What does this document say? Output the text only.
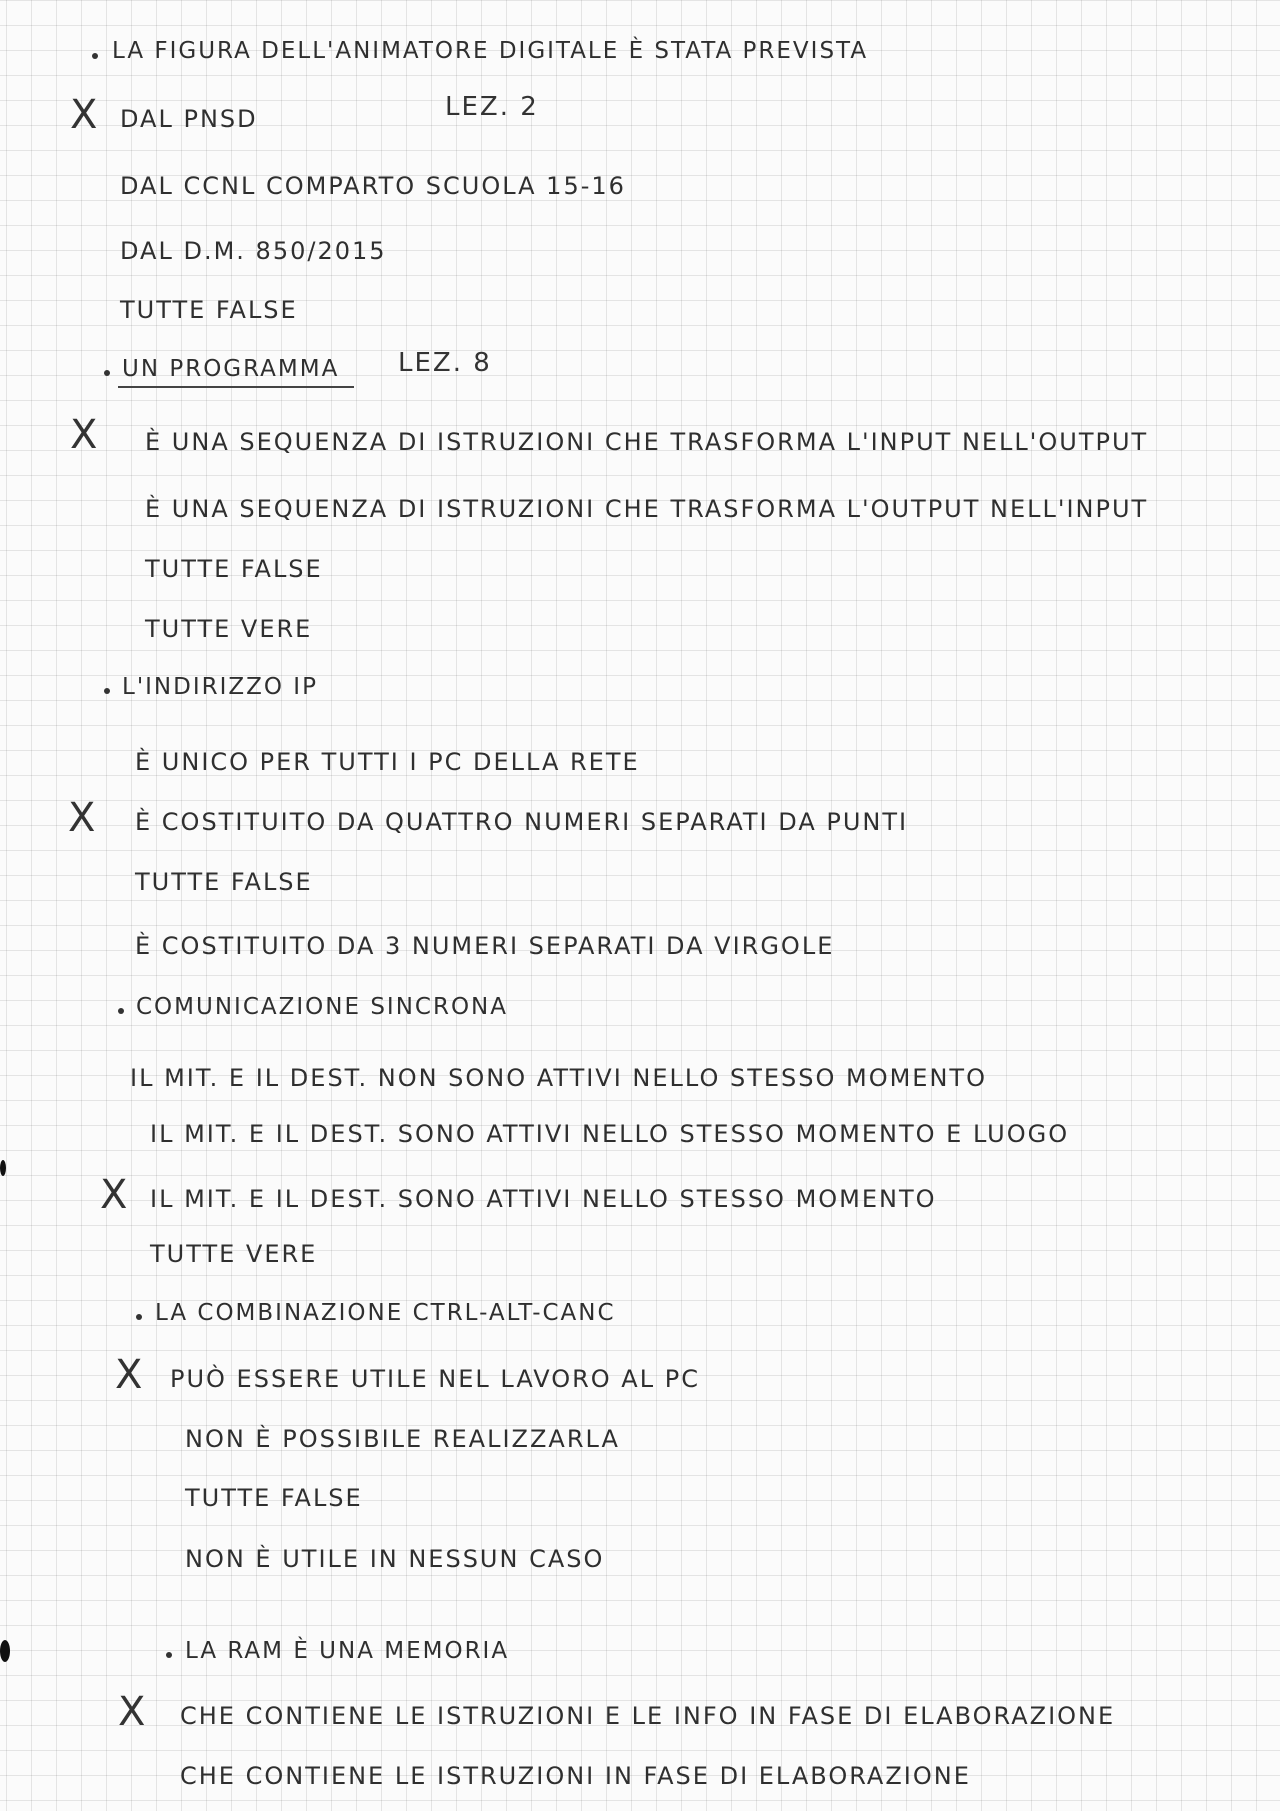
LA FIGURA DELL'ANIMATORE DIGITALE È STATA PREVISTA
X DAL PNSD	LEZ. 2
DAL CCNL COMPARTO SCUOLA 15-16
DAL D.M. 850/2015
TUTTE FALSE
LEZ. 8
UN PROGRAMMA
X È UNA SEQUENZA DI ISTRUZIONI CHE TRASFORMA L'INPUT NELL'OUTPUT
È UNA SEQUENZA DI ISTRUZIONI CHE TRASFORMA L'OUTPUT NELL'INPUT
TUTTE FALSE
TUTTE VERE
L'INDIRIZZO IP
È UNICO PER TUTTI I PC DELLA RETE
X È COSTITUITO DA QUATTRO NUMERI SEPARATI DA PUNTI
TUTTE FALSE
È COSTITUITO DA 3 NUMERI SEPARATI DA VIRGOLE
COMUNICAZIONE SINCRONA
IL MIT. E IL DEST. NON SONO ATTIVI NELLO STESSO MOMENTO
IL MIT. E IL DEST. SONO ATTIVI NELLO STESSO MOMENTO E LUOGO
X IL MIT. E IL DEST. SONO ATTIVI NELLO STESSO MOMENTO
TUTTE VERE
LA COMBINAZIONE CTRL-ALT-CANC
X PUÒ ESSERE UTILE NEL LAVORO AL PC
NON È POSSIBILE REALIZZARLA
TUTTE FALSE
NON È UTILE IN NESSUN CASO
LA RAM È UNA MEMORIA
X CHE CONTIENE LE ISTRUZIONI E LE INFO IN FASE DI ELABORAZIONE
CHE CONTIENE LE ISTRUZIONI IN FASE DI ELABORAZIONE
